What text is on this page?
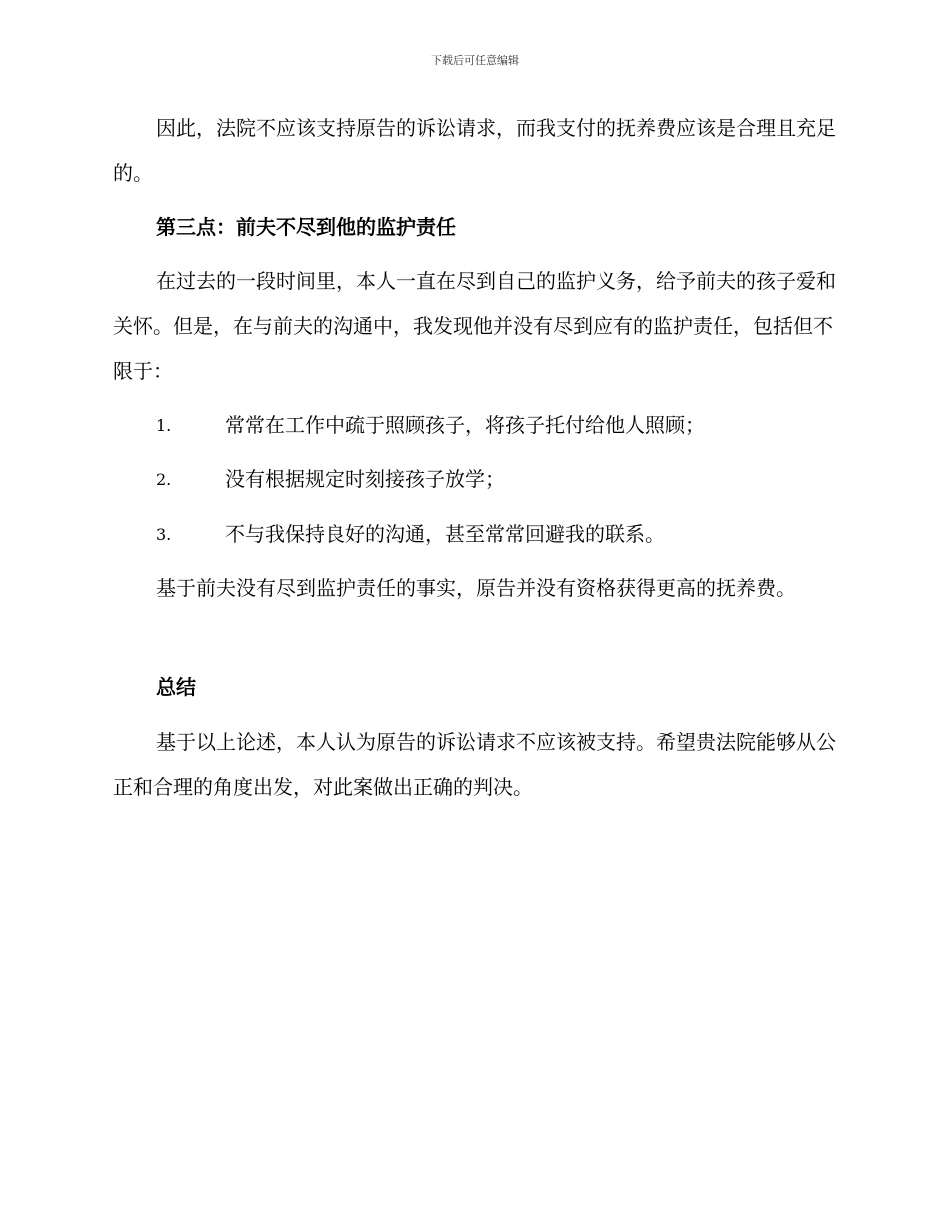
下载后可任意编辑

因此，法院不应该支持原告的诉讼请求，而我支付的抚养费应该是合理且充足的。

第三点：前夫不尽到他的监护责任

在过去的一段时间里，本人一直在尽到自己的监护义务，给予前夫的孩子爱和关怀。但是，在与前夫的沟通中，我发现他并没有尽到应有的监护责任，包括但不限于：

1.	常常在工作中疏于照顾孩子，将孩子托付给他人照顾；
2.	没有根据规定时刻接孩子放学；
3.	不与我保持良好的沟通，甚至常常回避我的联系。

基于前夫没有尽到监护责任的事实，原告并没有资格获得更高的抚养费。

总结

基于以上论述，本人认为原告的诉讼请求不应该被支持。希望贵法院能够从公正和合理的角度出发，对此案做出正确的判决。
